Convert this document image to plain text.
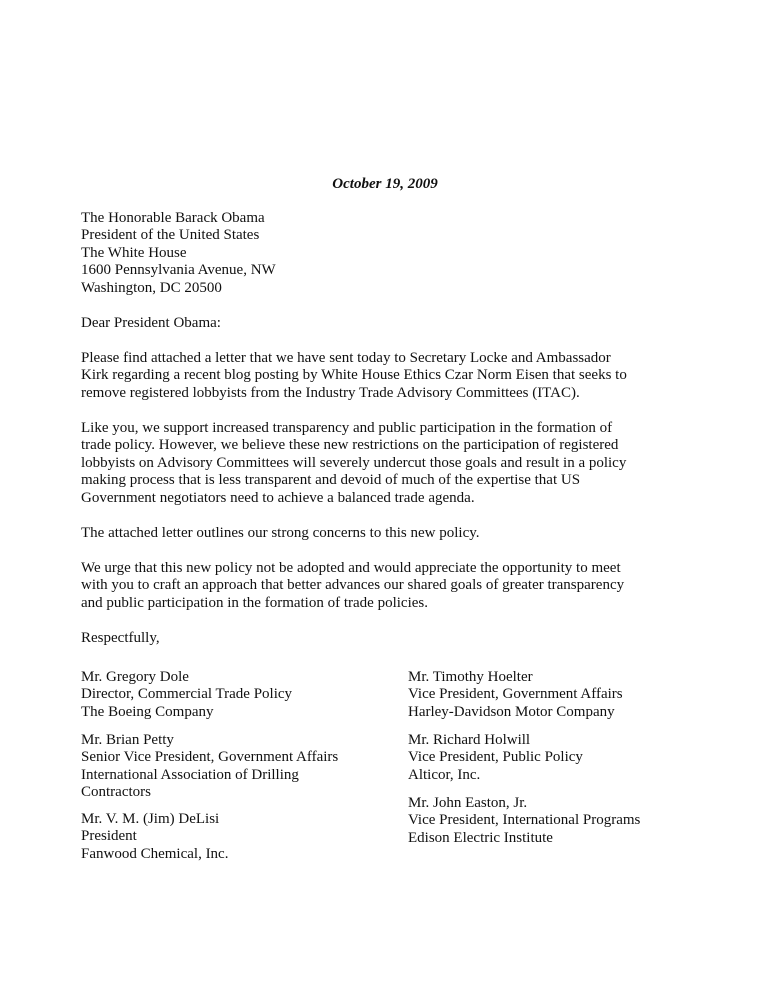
October 19, 2009
The Honorable Barack Obama
President of the United States
The White House
1600 Pennsylvania Avenue, NW
Washington, DC 20500
Dear President Obama:
Please find attached a letter that we have sent today to Secretary Locke and Ambassador
Kirk regarding a recent blog posting by White House Ethics Czar Norm Eisen that seeks to
remove registered lobbyists from the Industry Trade Advisory Committees (ITAC).
Like you, we support increased transparency and public participation in the formation of
trade policy. However, we believe these new restrictions on the participation of registered
lobbyists on Advisory Committees will severely undercut those goals and result in a policy
making process that is less transparent and devoid of much of the expertise that US
Government negotiators need to achieve a balanced trade agenda.
The attached letter outlines our strong concerns to this new policy.
We urge that this new policy not be adopted and would appreciate the opportunity to meet
with you to craft an approach that better advances our shared goals of greater transparency
and public participation in the formation of trade policies.
Respectfully,
Mr. Gregory Dole
Director, Commercial Trade Policy
The Boeing Company
Mr. Brian Petty
Senior Vice President, Government Affairs
International Association of Drilling
Contractors
Mr. V. M. (Jim) DeLisi
President
Fanwood Chemical, Inc.
Mr. Timothy Hoelter
Vice President, Government Affairs
Harley-Davidson Motor Company
Mr. Richard Holwill
Vice President, Public Policy
Alticor, Inc.
Mr. John Easton, Jr.
Vice President, International Programs
Edison Electric Institute
